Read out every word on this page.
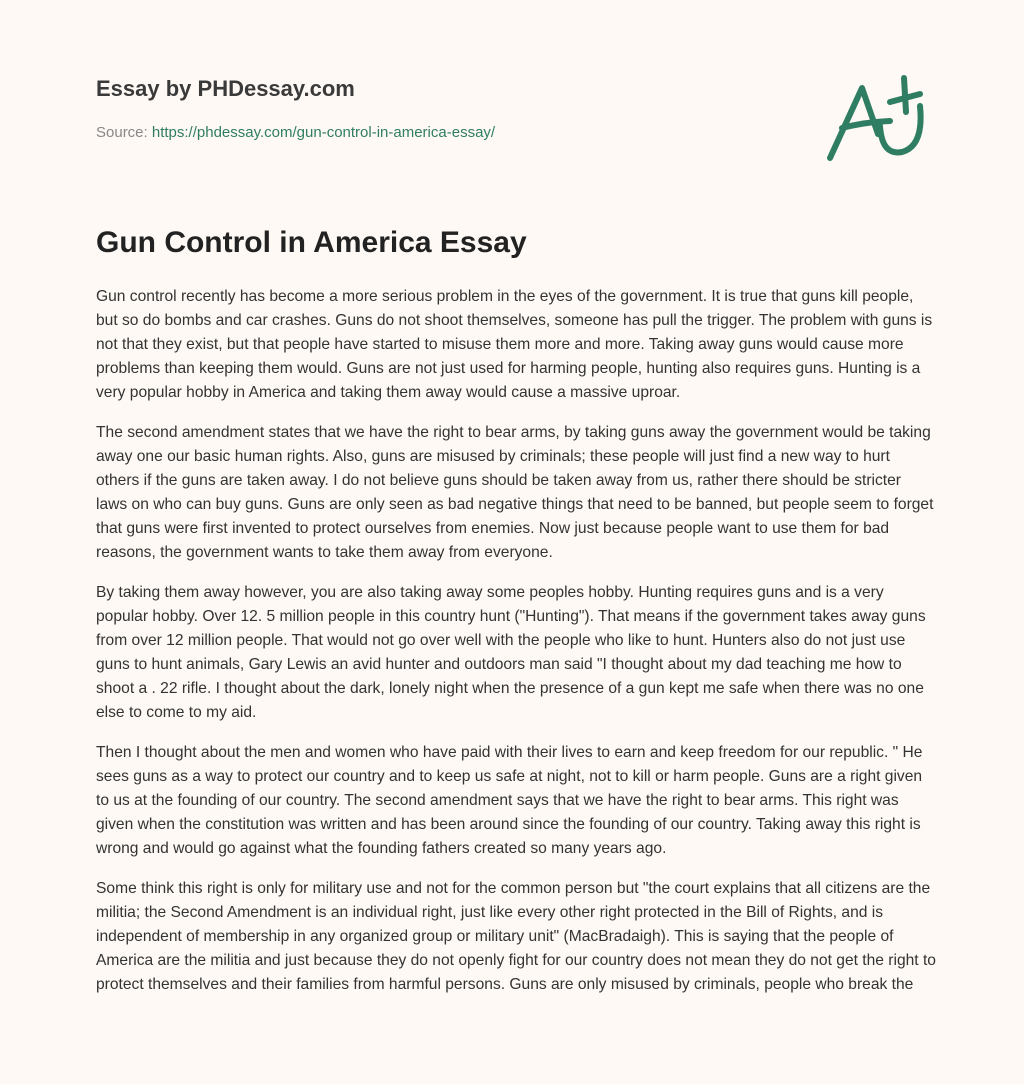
Essay by PHDessay.com

Source: https://phdessay.com/gun-control-in-america-essay/
Gun Control in America Essay

Gun control recently has become a more serious problem in the eyes of the government. It is true that guns kill people, but so do bombs and car crashes. Guns do not shoot themselves, someone has pull the trigger. The problem with guns is not that they exist, but that people have started to misuse them more and more. Taking away guns would cause more problems than keeping them would. Guns are not just used for harming people, hunting also requires guns. Hunting is a very popular hobby in America and taking them away would cause a massive uproar.

The second amendment states that we have the right to bear arms, by taking guns away the government would be taking away one our basic human rights. Also, guns are misused by criminals; these people will just find a new way to hurt others if the guns are taken away. I do not believe guns should be taken away from us, rather there should be stricter laws on who can buy guns. Guns are only seen as bad negative things that need to be banned, but people seem to forget that guns were first invented to protect ourselves from enemies. Now just because people want to use them for bad reasons, the government wants to take them away from everyone.

By taking them away however, you are also taking away some peoples hobby. Hunting requires guns and is a very popular hobby. Over 12. 5 million people in this country hunt ("Hunting"). That means if the government takes away guns from over 12 million people. That would not go over well with the people who like to hunt. Hunters also do not just use guns to hunt animals, Gary Lewis an avid hunter and outdoors man said "I thought about my dad teaching me how to shoot a . 22 rifle. I thought about the dark, lonely night when the presence of a gun kept me safe when there was no one else to come to my aid.

Then I thought about the men and women who have paid with their lives to earn and keep freedom for our republic. " He sees guns as a way to protect our country and to keep us safe at night, not to kill or harm people. Guns are a right given to us at the founding of our country. The second amendment says that we have the right to bear arms. This right was given when the constitution was written and has been around since the founding of our country. Taking away this right is wrong and would go against what the founding fathers created so many years ago.

Some think this right is only for military use and not for the common person but "the court explains that all citizens are the militia; the Second Amendment is an individual right, just like every other right protected in the Bill of Rights, and is independent of membership in any organized group or military unit" (MacBradaigh). This is saying that the people of America are the militia and just because they do not openly fight for our country does not mean they do not get the right to protect themselves and their families from harmful persons. Guns are only misused by criminals, people who break the
